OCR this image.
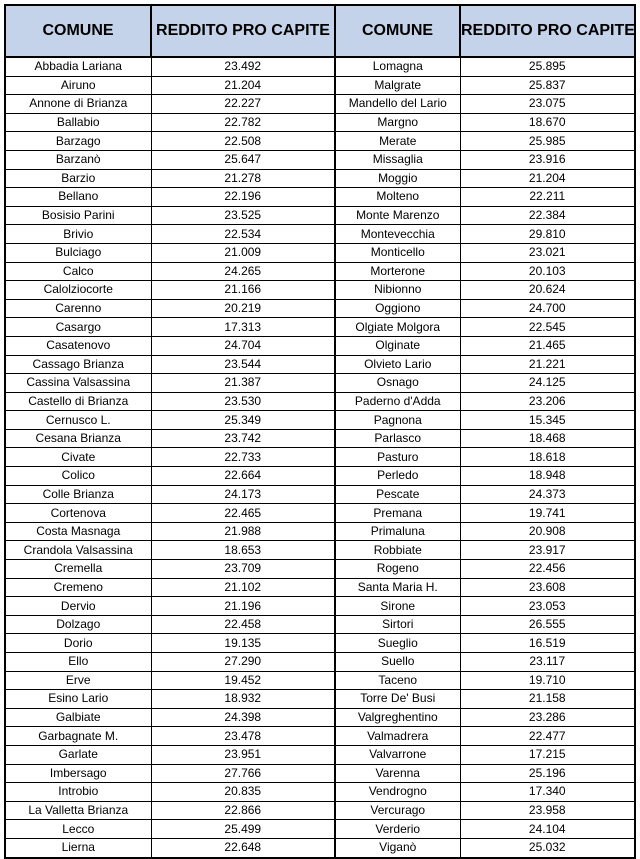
COMUNE	REDDITO PRO CAPITE	COMUNE	REDDITO PRO CAPITE
Abbadia Lariana	23.492	Lomagna	25.895
Airuno	21.204	Malgrate	25.837
Annone di Brianza	22.227	Mandello del Lario	23.075
Ballabio	22.782	Margno	18.670
Barzago	22.508	Merate	25.985
Barzanò	25.647	Missaglia	23.916
Barzio	21.278	Moggio	21.204
Bellano	22.196	Molteno	22.211
Bosisio Parini	23.525	Monte Marenzo	22.384
Brivio	22.534	Montevecchia	29.810
Bulciago	21.009	Monticello	23.021
Calco	24.265	Morterone	20.103
Calolziocorte	21.166	Nibionno	20.624
Carenno	20.219	Oggiono	24.700
Casargo	17.313	Olgiate Molgora	22.545
Casatenovo	24.704	Olginate	21.465
Cassago Brianza	23.544	Olvieto Lario	21.221
Cassina Valsassina	21.387	Osnago	24.125
Castello di Brianza	23.530	Paderno d'Adda	23.206
Cernusco L.	25.349	Pagnona	15.345
Cesana Brianza	23.742	Parlasco	18.468
Civate	22.733	Pasturo	18.618
Colico	22.664	Perledo	18.948
Colle Brianza	24.173	Pescate	24.373
Cortenova	22.465	Premana	19.741
Costa Masnaga	21.988	Primaluna	20.908
Crandola Valsassina	18.653	Robbiate	23.917
Cremella	23.709	Rogeno	22.456
Cremeno	21.102	Santa Maria H.	23.608
Dervio	21.196	Sirone	23.053
Dolzago	22.458	Sirtori	26.555
Dorio	19.135	Sueglio	16.519
Ello	27.290	Suello	23.117
Erve	19.452	Taceno	19.710
Esino Lario	18.932	Torre De' Busi	21.158
Galbiate	24.398	Valgreghentino	23.286
Garbagnate M.	23.478	Valmadrera	22.477
Garlate	23.951	Valvarrone	17.215
Imbersago	27.766	Varenna	25.196
Introbio	20.835	Vendrogno	17.340
La Valletta Brianza	22.866	Vercurago	23.958
Lecco	25.499	Verderio	24.104
Lierna	22.648	Viganò	25.032
